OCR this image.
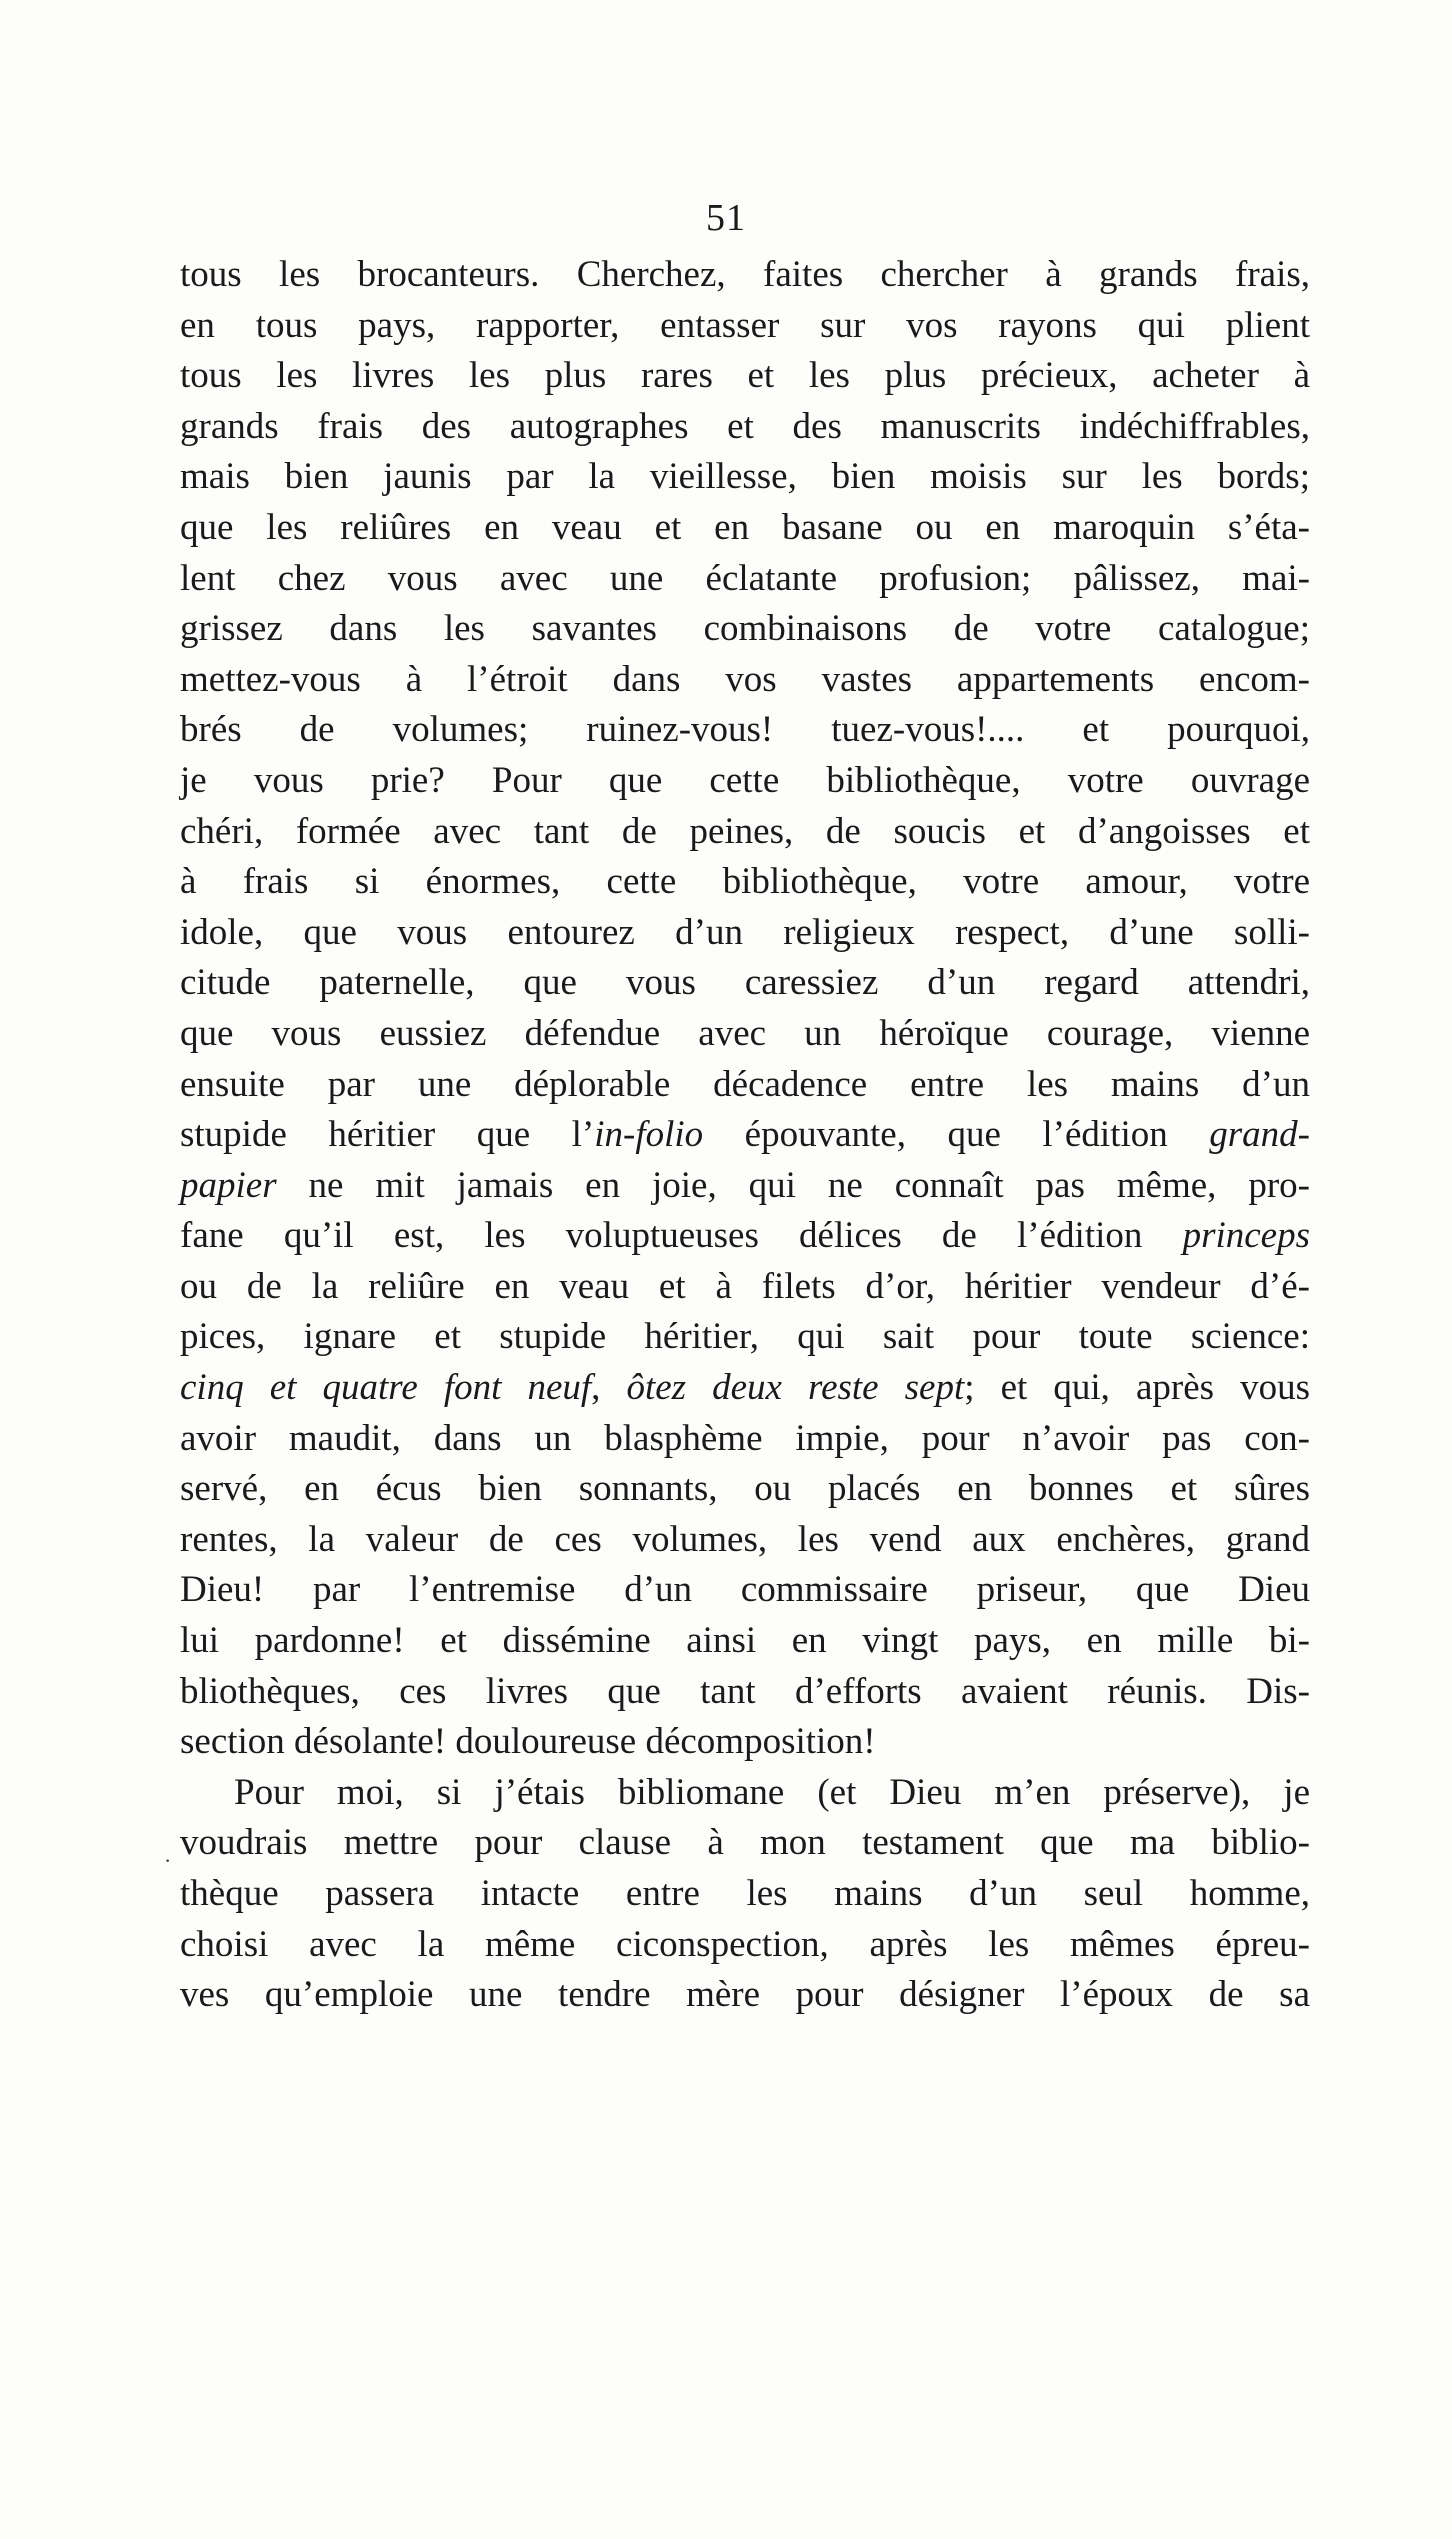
51
·
tous les brocanteurs. Cherchez, faites chercher à grands frais,
en tous pays, rapporter, entasser sur vos rayons qui plient
tous les livres les plus rares et les plus précieux, acheter à
grands frais des autographes et des manuscrits indéchiffrables,
mais bien jaunis par la vieillesse, bien moisis sur les bords;
que les reliûres en veau et en basane ou en maroquin s’éta-
lent chez vous avec une éclatante profusion; pâlissez, mai-
grissez dans les savantes combinaisons de votre catalogue;
mettez-vous à l’étroit dans vos vastes appartements encom-
brés de volumes; ruinez-vous! tuez-vous!.... et pourquoi,
je vous prie? Pour que cette bibliothèque, votre ouvrage
chéri, formée avec tant de peines, de soucis et d’angoisses et
à frais si énormes, cette bibliothèque, votre amour, votre
idole, que vous entourez d’un religieux respect, d’une solli-
citude paternelle, que vous caressiez d’un regard attendri,
que vous eussiez défendue avec un héroïque courage, vienne
ensuite par une déplorable décadence entre les mains d’un
stupide héritier que l’in-folio épouvante, que l’édition grand-
papier ne mit jamais en joie, qui ne connaît pas même, pro-
fane qu’il est, les voluptueuses délices de l’édition princeps
ou de la reliûre en veau et à filets d’or, héritier vendeur d’é-
pices, ignare et stupide héritier, qui sait pour toute science:
cinq et quatre font neuf, ôtez deux reste sept; et qui, après vous
avoir maudit, dans un blasphème impie, pour n’avoir pas con-
servé, en écus bien sonnants, ou placés en bonnes et sûres
rentes, la valeur de ces volumes, les vend aux enchères, grand
Dieu! par l’entremise d’un commissaire priseur, que Dieu
lui pardonne! et dissémine ainsi en vingt pays, en mille bi-
bliothèques, ces livres que tant d’efforts avaient réunis. Dis-
section désolante! douloureuse décomposition!
Pour moi, si j’étais bibliomane (et Dieu m’en préserve), je
voudrais mettre pour clause à mon testament que ma biblio-
thèque passera intacte entre les mains d’un seul homme,
choisi avec la même ciconspection, après les mêmes épreu-
ves qu’emploie une tendre mère pour désigner l’époux de sa
